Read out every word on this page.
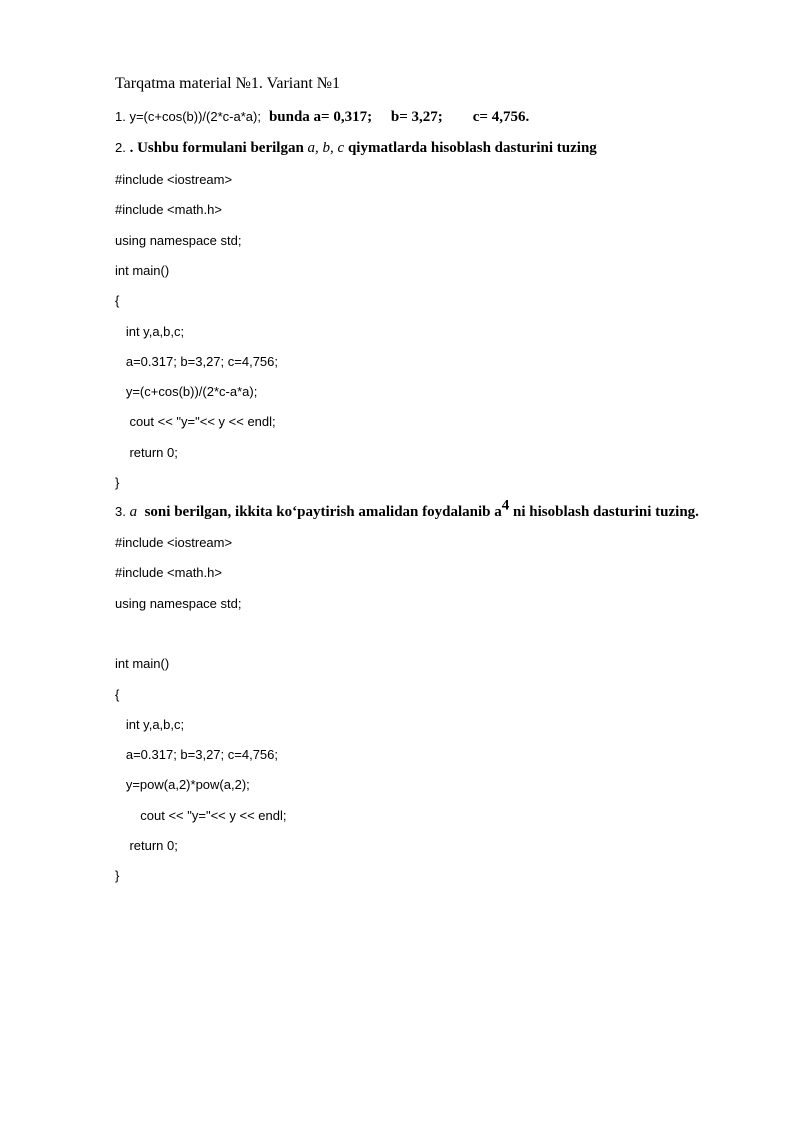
Tarqatma material №1. Variant №1
1. y=(c+cos(b))/(2*c-a*a); bunda a= 0,317;     b= 3,27;        c= 4,756.
2. . Ushbu formulani berilgan a, b, c qiymatlarda hisoblash dasturini tuzing
#include <iostream>
#include <math.h>
using namespace std;
int main()
{
int y,a,b,c;
a=0.317; b=3,27; c=4,756;
y=(c+cos(b))/(2*c-a*a);
cout << "y="<< y << endl;
return 0;
}
3. a  soni berilgan, ikkita ko‘paytirish amalidan foydalanib $a^4$ ni hisoblash dasturini tuzing.
#include <iostream>
#include <math.h>
using namespace std;
int main()
{
int y,a,b,c;
a=0.317; b=3,27; c=4,756;
y=pow(a,2)*pow(a,2);
cout << "y="<< y << endl;
return 0;
}
